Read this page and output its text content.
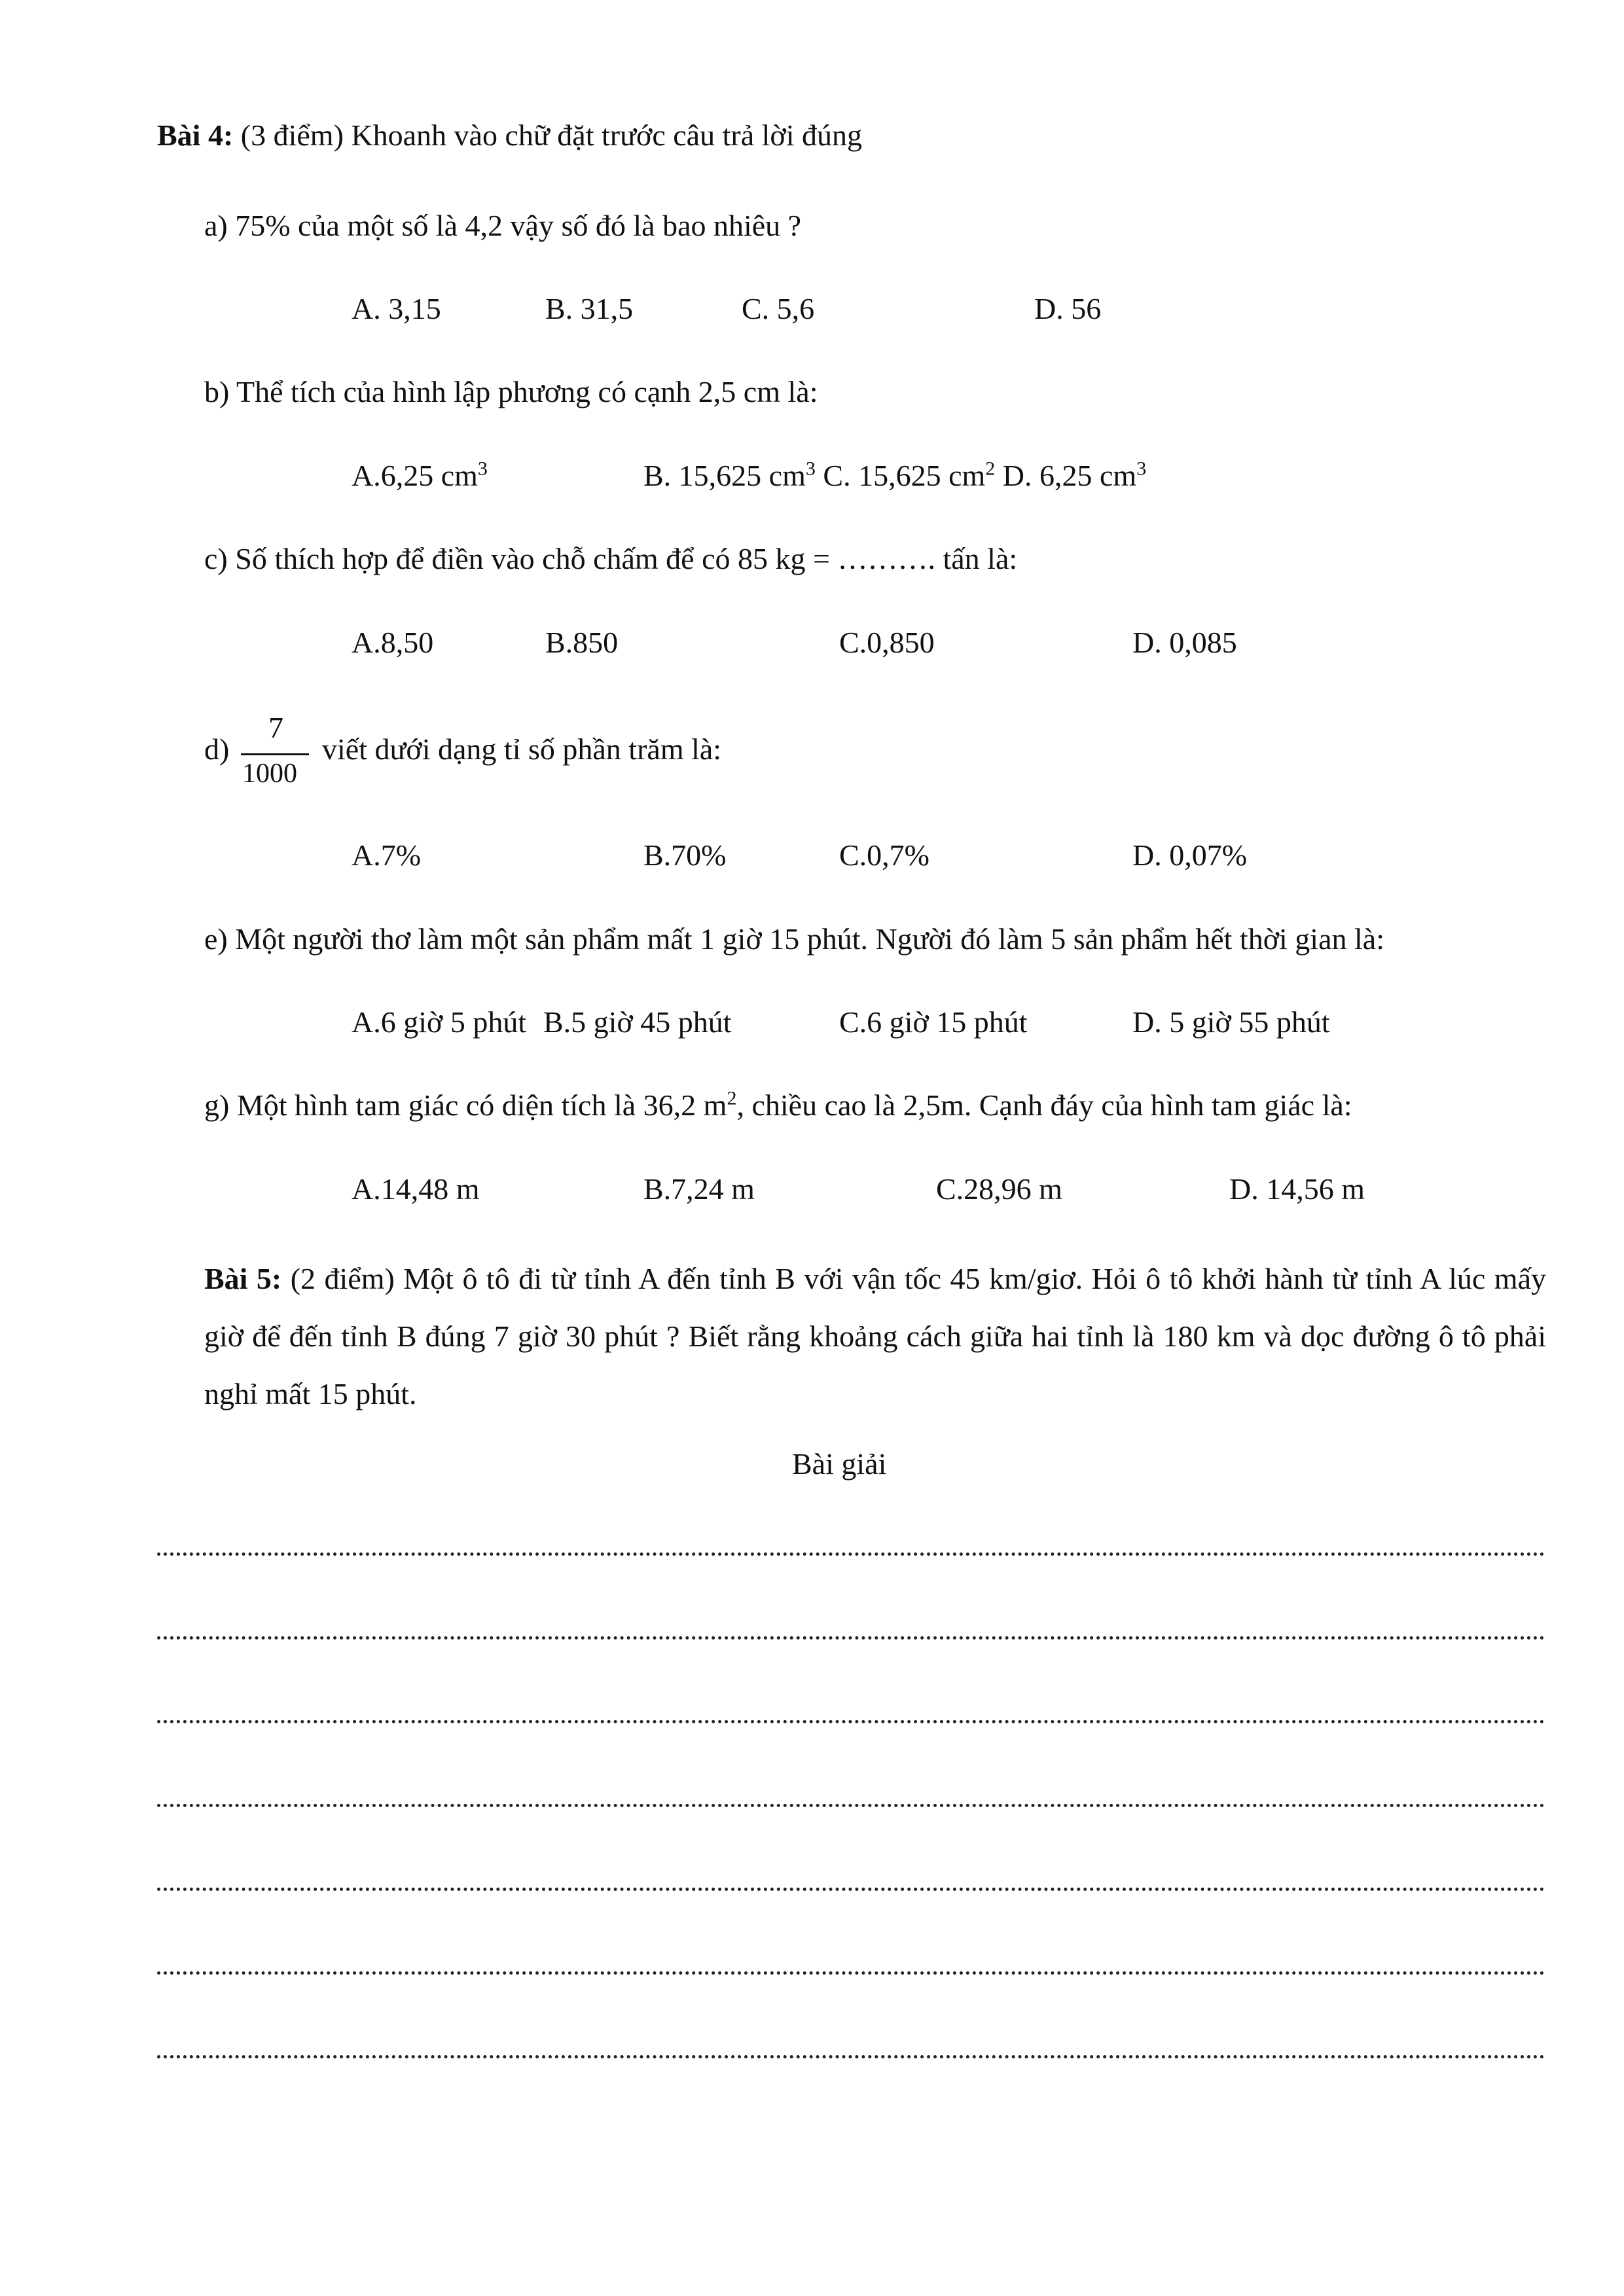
Bài 4: (3 điểm) Khoanh vào chữ đặt trước câu trả lời đúng
a) 75% của một số là 4,2 vậy số đó là bao nhiêu ?
A. 3,15	B. 31,5	C. 5,6	D. 56
b) Thể tích của hình lập phương có cạnh 2,5 cm là:
A.6,25 $cm^3$	B. 15,625 $cm^3$ C. 15,625 $cm^2$ D. 6,25 $cm^3$
c) Số thích hợp để điền vào chỗ chấm để có 85 kg = ………. tấn là:
A.8,50	B.850	C.0,850	D. 0,085
d)
7
1000
viết dưới dạng tỉ số phần trăm là:
A.7%	B.70%	C.0,7%	D. 0,07%
e) Một người thơ làm một sản phẩm mất 1 giờ 15 phút. Người đó làm 5 sản phẩm hết thời gian là:
A.6 giờ 5 phút B.5 giờ 45 phút	C.6 giờ 15 phút	D. 5 giờ 55 phút
g) Một hình tam giác có diện tích là 36,2 $m^2$, chiều cao là 2,5m. Cạnh đáy của hình tam giác là:
A.14,48 m	B.7,24 m	C.28,96 m	D. 14,56 m
Bài 5: (2 điểm) Một ô tô đi từ tỉnh A đến tỉnh B với vận tốc 45 km/giơ. Hỏi ô tô khởi hành từ tỉnh A lúc mấy giờ để đến tỉnh B đúng 7 giờ 30 phút ? Biết rằng khoảng cách giữa hai tỉnh là 180 km và dọc đường ô tô phải nghỉ mất 15 phút.
Bài giải
